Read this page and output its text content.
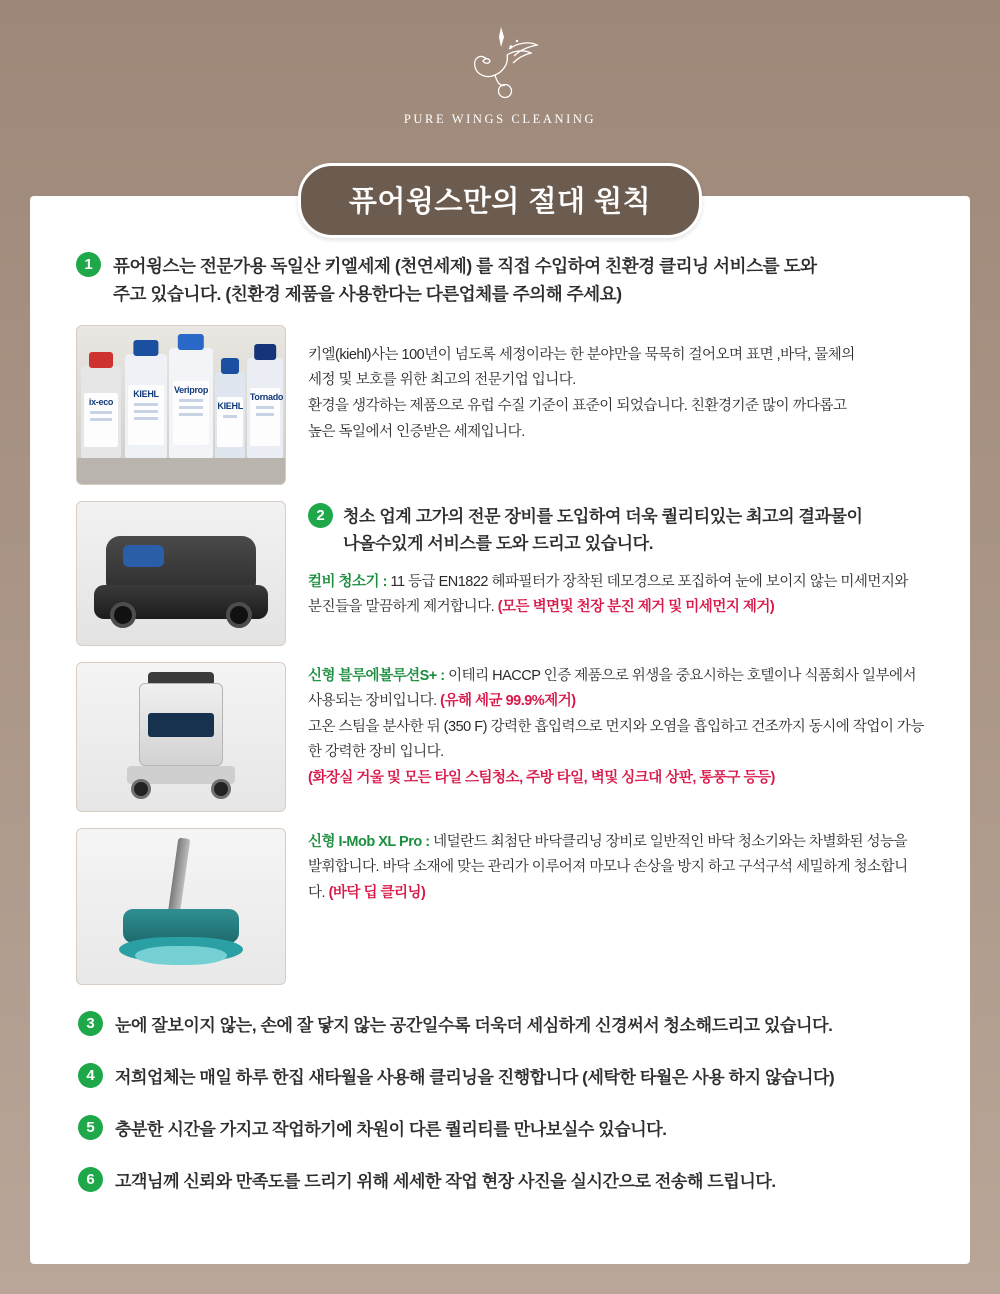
PURE WINGS CLEANING
퓨어윙스만의 절대 원칙
1	퓨어윙스는 전문가용 독일산 키엘세제 (천연세제) 를 직접 수입하여 친환경 클리닝 서비스를 도와
주고 있습니다. (친환경 제품을 사용한다는 다른업체를 주의해 주세요)
ix-eco
KIEHL	Veriprop
KIEHL
Tornado
키엘(kiehl)사는 100년이 넘도록 세정이라는 한 분야만을 묵묵히 걸어오며 표면 ,바닥, 물체의
세정 및 보호를 위한 최고의 전문기업 입니다.
환경을 생각하는 제품으로 유럽 수질 기준이 표준이 되었습니다. 친환경기준 많이 까다롭고
높은 독일에서 인증받은 세제입니다.
2	청소 업계 고가의 전문 장비를 도입하여 더욱 퀄리티있는 최고의 결과물이
나올수있게 서비스를 도와 드리고 있습니다.
컬비 청소기 : 11 등급 EN1822 헤파필터가 장착된 데모경으로 포집하여 눈에 보이지 않는 미세먼지와 분진들을 말끔하게 제거합니다. (모든 벽면및 천장 분진 제거 및 미세먼지 제거)
신형 블루에볼루션S+ : 이테리 HACCP 인증 제품으로 위생을 중요시하는 호텔이나 식품회사 일부에서 사용되는 장비입니다. (유해 세균 99.9%제거)
고온 스팀을 분사한 뒤 (350 F) 강력한 흡입력으로 먼지와 오염을 흡입하고 건조까지 동시에 작업이 가능한 강력한 장비 입니다.
(화장실 거울 및 모든 타일 스팀청소, 주방 타일, 벽및 싱크대 상판, 통풍구 등등)
신형 I-Mob XL Pro : 네덜란드 최첨단 바닥클리닝 장비로 일반적인 바닥 청소기와는 차별화된 성능을 발휘합니다. 바닥 소재에 맞는 관리가 이루어져 마모나 손상을 방지 하고 구석구석 세밀하게 청소합니다. (바닥 딥 클리닝)
3	눈에 잘보이지 않는, 손에 잘 닿지 않는 공간일수록 더욱더 세심하게 신경써서 청소해드리고 있습니다.
4	저희업체는 매일 하루 한집 새타월을 사용해 클리닝을 진행합니다 (세탁한 타월은 사용 하지 않습니다)
5	충분한 시간을 가지고 작업하기에 차원이 다른 퀄리티를 만나보실수 있습니다.
6	고객님께 신뢰와 만족도를 드리기 위해 세세한 작업 현장 사진을 실시간으로 전송해 드립니다.
